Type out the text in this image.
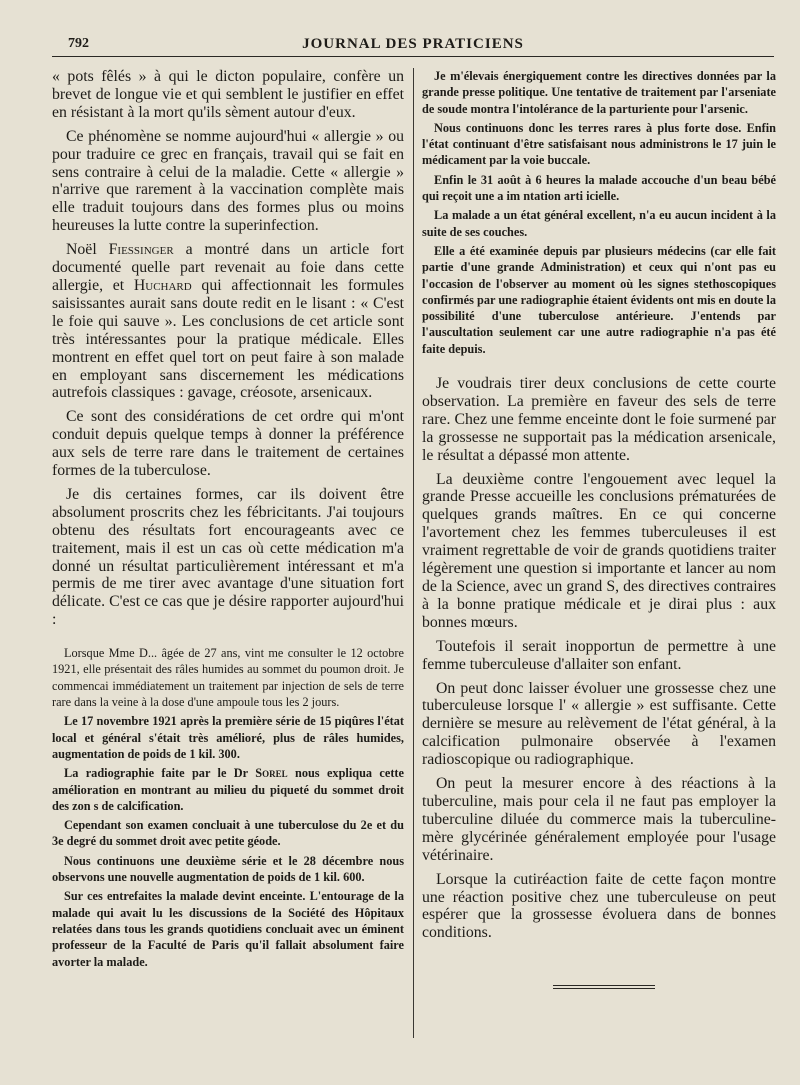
792	JOURNAL DES PRATICIENS

« pots fêlés » à qui le dicton populaire, confère un brevet de longue vie et qui semblent le justifier en effet en résistant à la mort qu'ils sèment autour d'eux.

Ce phénomène se nomme aujourd'hui « allergie » ou pour traduire ce grec en français, travail qui se fait en sens contraire à celui de la maladie. Cette « allergie » n'arrive que rarement à la vaccination complète mais elle traduit toujours dans des formes plus ou moins heureuses la lutte contre la superinfection.

Noël Fiessinger a montré dans un article fort documenté quelle part revenait au foie dans cette allergie, et Huchard qui affectionnait les formules saisissantes aurait sans doute redit en le lisant : « C'est le foie qui sauve ». Les conclusions de cet article sont très intéressantes pour la pratique médicale. Elles montrent en effet quel tort on peut faire à son malade en employant sans discernement les médications autrefois classiques : gavage, créosote, arsenicaux.

Ce sont des considérations de cet ordre qui m'ont conduit depuis quelque temps à donner la préférence aux sels de terre rare dans le traitement de certaines formes de la tuberculose.

Je dis certaines formes, car ils doivent être absolument proscrits chez les fébricitants. J'ai toujours obtenu des résultats fort encourageants avec ce traitement, mais il est un cas où cette médication m'a donné un résultat particulièrement intéressant et m'a permis de me tirer avec avantage d'une situation fort délicate. C'est ce cas que je désire rapporter aujourd'hui :

Lorsque Mme D... âgée de 27 ans, vint me consulter le 12 octobre 1921, elle présentait des râles humides au sommet du poumon droit. Je commencai immédiatement un traitement par injection de sels de terre rare dans la veine à la dose d'une ampoule tous les 2 jours.

Le 17 novembre 1921 après la première série de 15 piqûres l'état local et général s'était très amélioré, plus de râles humides, augmentation de poids de 1 kil. 300.

La radiographie faite par le Dr Sorel nous expliqua cette amélioration en montrant au milieu du piqueté du sommet droit des zon s de calcification.

Cependant son examen concluait à une tuberculose du 2e et du 3e degré du sommet droit avec petite géode.

Nous continuons une deuxième série et le 28 décembre nous observons une nouvelle augmentation de poids de 1 kil. 600.

Sur ces entrefaites la malade devint enceinte. L'entourage de la malade qui avait lu les discussions de la Société des Hôpitaux relatées dans tous les grands quotidiens concluait avec un éminent professeur de la Faculté de Paris qu'il fallait absolument faire avorter la malade.

Je m'élevais énergiquement contre les directives données par la grande presse politique. Une tentative de traitement par l'arseniate de soude montra l'intolérance de la parturiente pour l'arsenic.

Nous continuons donc les terres rares à plus forte dose. Enfin l'état continuant d'être satisfaisant nous administrons le 17 juin le médicament par la voie buccale.

Enfin le 31 août à 6 heures la malade accouche d'un beau bébé qui reçoit une a im ntation arti icielle.

La malade a un état général excellent, n'a eu aucun incident à la suite de ses couches.

Elle a été examinée depuis par plusieurs médecins (car elle fait partie d'une grande Administration) et ceux qui n'ont pas eu l'occasion de l'observer au moment où les signes stethoscopiques confirmés par une radiographie étaient évidents ont mis en doute la possibilité d'une tuberculose antérieure. J'entends par l'auscultation seulement car une autre radiographie n'a pas été faite depuis.

Je voudrais tirer deux conclusions de cette courte observation. La première en faveur des sels de terre rare. Chez une femme enceinte dont le foie surmené par la grossesse ne supportait pas la médication arsenicale, le résultat a dépassé mon attente.

La deuxième contre l'engouement avec lequel la grande Presse accueille les conclusions prématurées de quelques grands maîtres. En ce qui concerne l'avortement chez les femmes tuberculeuses il est vraiment regrettable de voir de grands quotidiens traiter légèrement une question si importante et lancer au nom de la Science, avec un grand S, des directives contraires à la bonne pratique médicale et je dirai plus : aux bonnes mœurs.

Toutefois il serait inopportun de permettre à une femme tuberculeuse d'allaiter son enfant.

On peut donc laisser évoluer une grossesse chez une tuberculeuse lorsque l' « allergie » est suffisante. Cette dernière se mesure au relèvement de l'état général, à la calcification pulmonaire observée à l'examen radioscopique ou radiographique.

On peut la mesurer encore à des réactions à la tuberculine, mais pour cela il ne faut pas employer la tuberculine diluée du commerce mais la tuberculine-mère glycérinée généralement employée pour l'usage vétérinaire.

Lorsque la cutiréaction faite de cette façon montre une réaction positive chez une tuberculeuse on peut espérer que la grossesse évoluera dans de bonnes conditions.
